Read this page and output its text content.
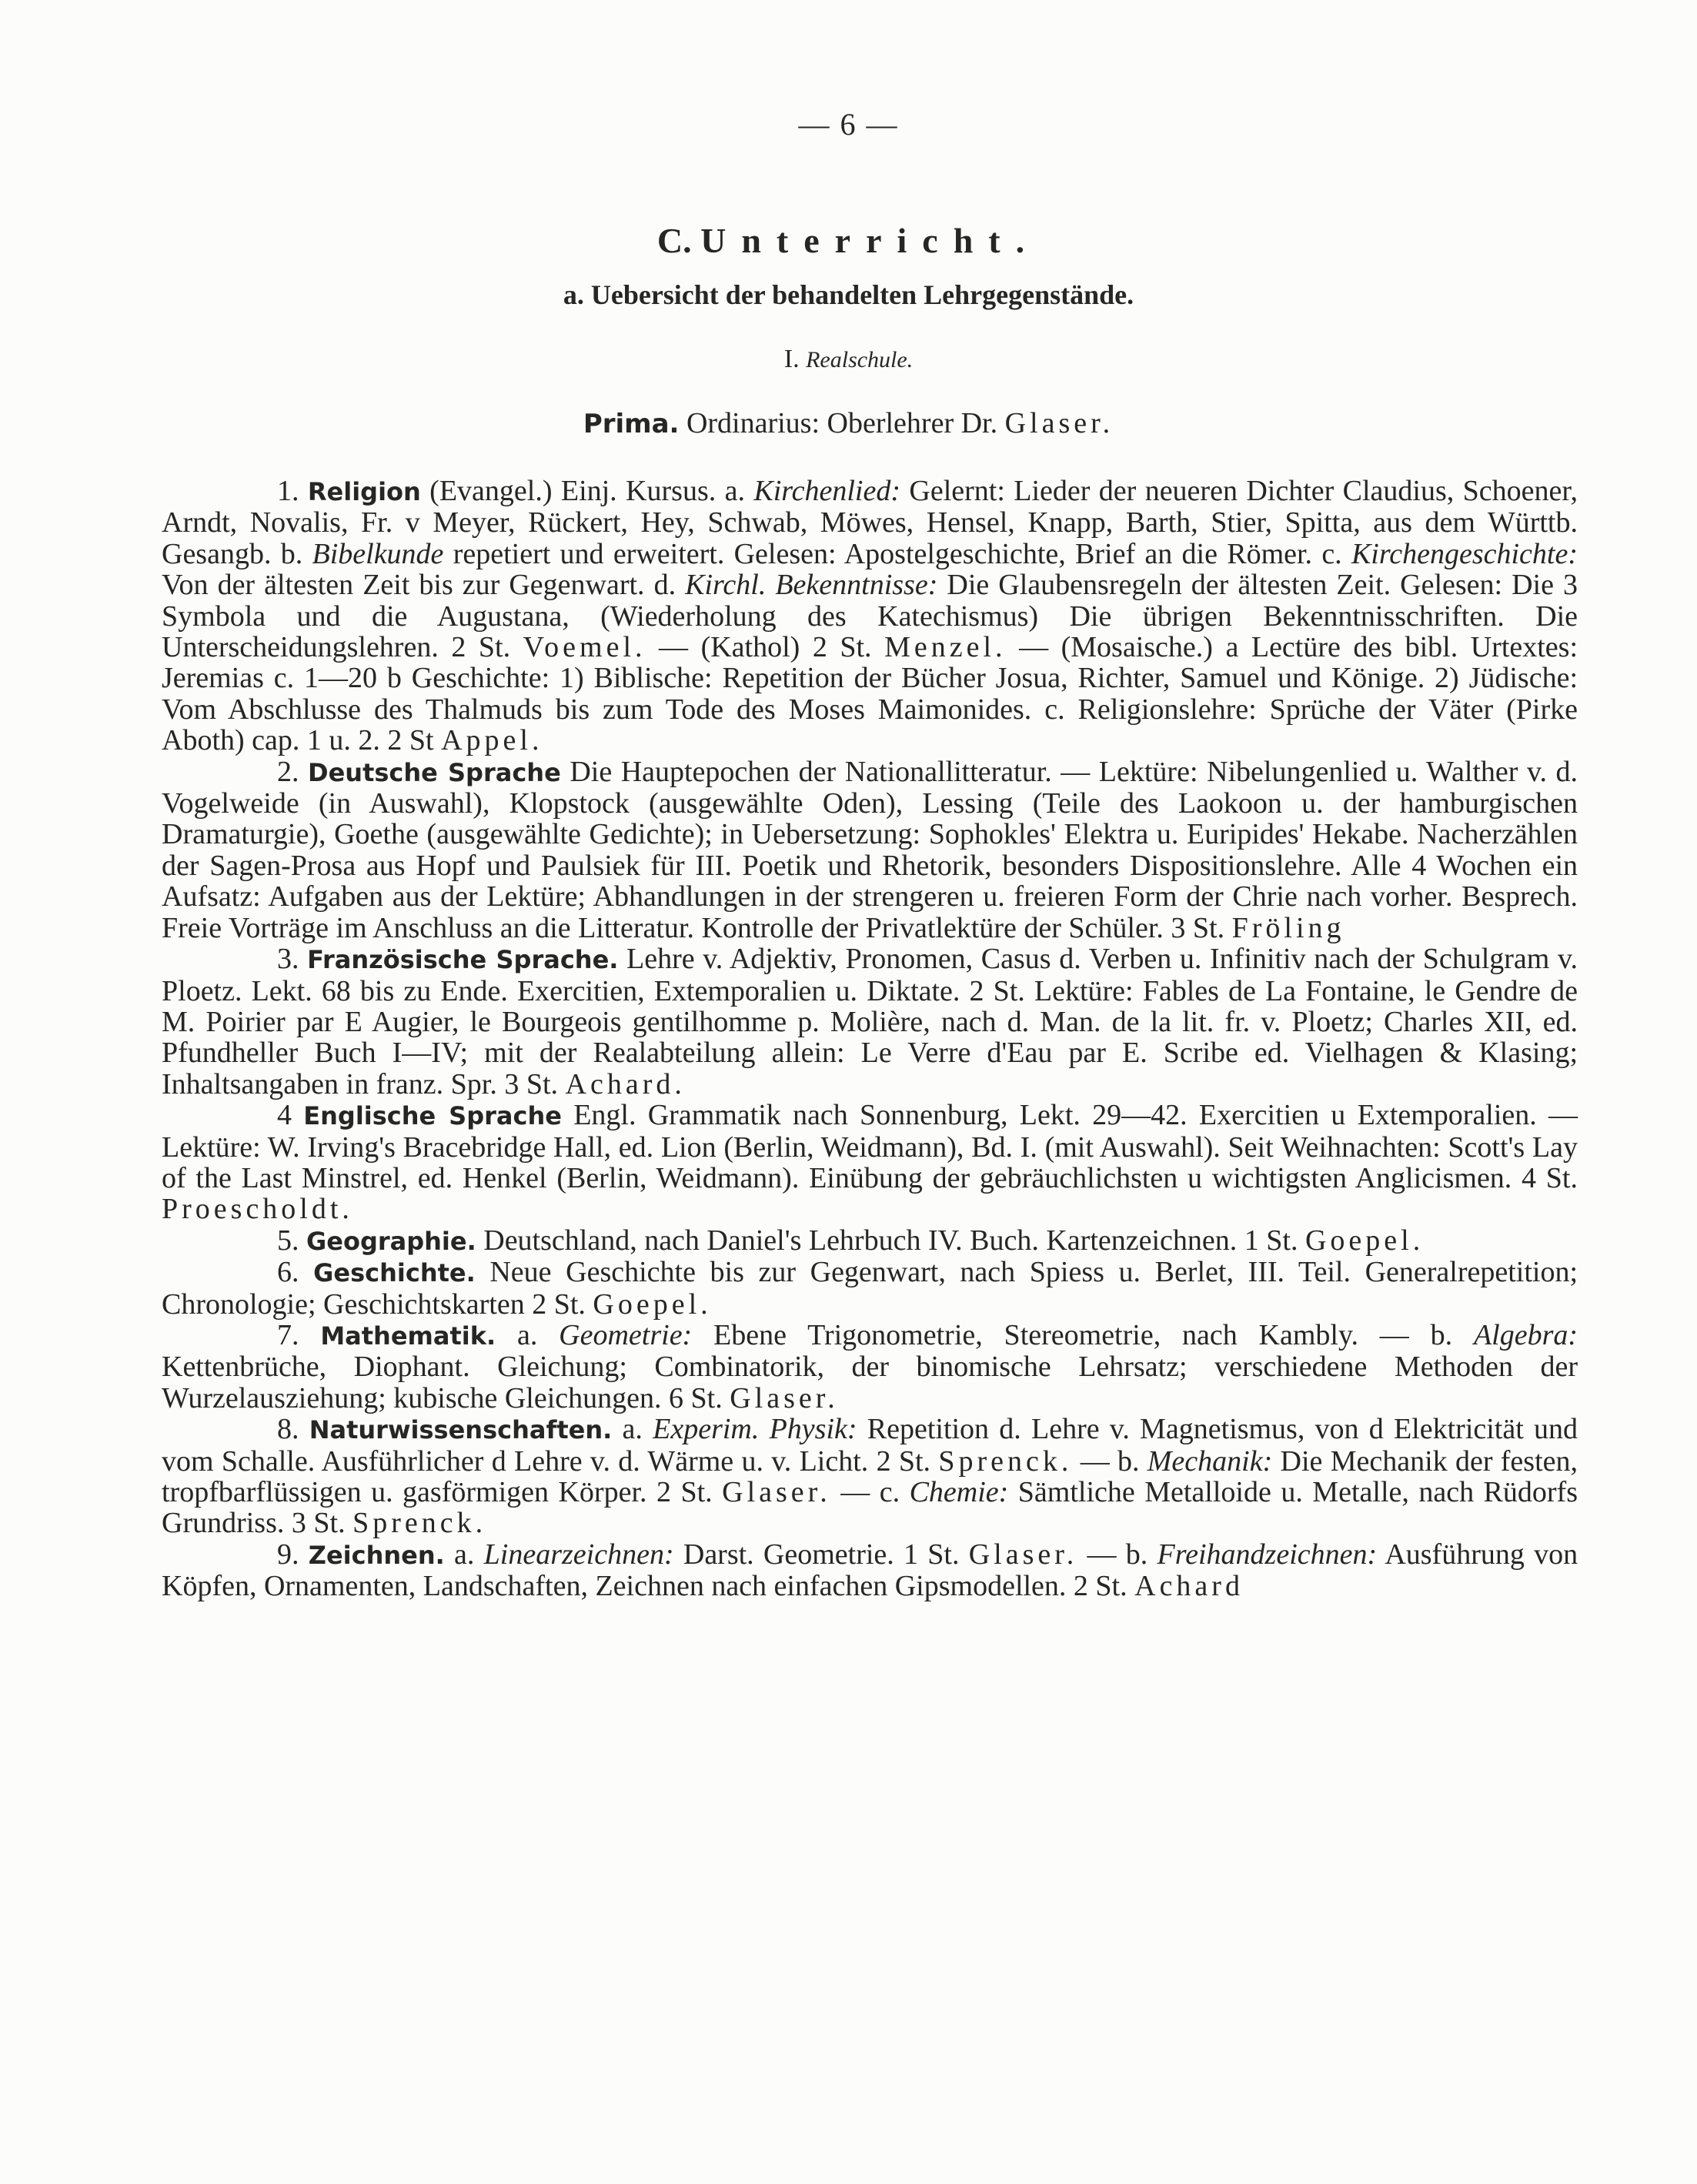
— 6 —
C. Unterricht.
a. Uebersicht der behandelten Lehrgegenstände.
I. Realschule.
Prima. Ordinarius: Oberlehrer Dr. Glaser.

1. Religion (Evangel.) Einj. Kursus. a. Kirchenlied: Gelernt: Lieder der neueren Dichter Claudius, Schoener, Arndt, Novalis, Fr. v Meyer, Rückert, Hey, Schwab, Möwes, Hensel, Knapp, Barth, Stier, Spitta, aus dem Württb. Gesangb. b. Bibelkunde repetiert und erweitert. Gelesen: Apostelgeschichte, Brief an die Römer. c. Kirchengeschichte: Von der ältesten Zeit bis zur Gegenwart. d. Kirchl. Bekenntnisse: Die Glaubensregeln der ältesten Zeit. Gelesen: Die 3 Symbola und die Augustana, (Wiederholung des Katechismus) Die übrigen Bekenntnisschriften. Die Unterscheidungslehren. 2 St. Voemel. — (Kathol) 2 St. Menzel. — (Mosaische.) a Lectüre des bibl. Urtextes: Jeremias c. 1—20 b Geschichte: 1) Biblische: Repetition der Bücher Josua, Richter, Samuel und Könige. 2) Jüdische: Vom Abschlusse des Thalmuds bis zum Tode des Moses Maimonides. c. Religionslehre: Sprüche der Väter (Pirke Aboth) cap. 1 u. 2. 2 St Appel.

2. Deutsche Sprache Die Hauptepochen der Nationallitteratur. — Lektüre: Nibelungenlied u. Walther v. d. Vogelweide (in Auswahl), Klopstock (ausgewählte Oden), Lessing (Teile des Laokoon u. der hamburgischen Dramaturgie), Goethe (ausgewählte Gedichte); in Uebersetzung: Sophokles' Elektra u. Euripides' Hekabe. Nacherzählen der Sagen-Prosa aus Hopf und Paulsiek für III. Poetik und Rhetorik, besonders Dispositionslehre. Alle 4 Wochen ein Aufsatz: Aufgaben aus der Lektüre; Abhandlungen in der strengeren u. freieren Form der Chrie nach vorher. Besprech. Freie Vorträge im Anschluss an die Litteratur. Kontrolle der Privatlektüre der Schüler. 3 St. Fröling

3. Französische Sprache. Lehre v. Adjektiv, Pronomen, Casus d. Verben u. Infinitiv nach der Schulgram v. Ploetz. Lekt. 68 bis zu Ende. Exercitien, Extemporalien u. Diktate. 2 St. Lektüre: Fables de La Fontaine, le Gendre de M. Poirier par E Augier, le Bourgeois gentilhomme p. Molière, nach d. Man. de la lit. fr. v. Ploetz; Charles XII, ed. Pfundheller Buch I—IV; mit der Realabteilung allein: Le Verre d'Eau par E. Scribe ed. Vielhagen & Klasing; Inhaltsangaben in franz. Spr. 3 St. Achard.

4 Englische Sprache Engl. Grammatik nach Sonnenburg, Lekt. 29—42. Exercitien u Extemporalien. — Lektüre: W. Irving's Bracebridge Hall, ed. Lion (Berlin, Weidmann), Bd. I. (mit Auswahl). Seit Weihnachten: Scott's Lay of the Last Minstrel, ed. Henkel (Berlin, Weidmann). Einübung der gebräuchlichsten u wichtigsten Anglicismen. 4 St. Proescholdt.

5. Geographie. Deutschland, nach Daniel's Lehrbuch IV. Buch. Kartenzeichnen. 1 St. Goepel.

6. Geschichte. Neue Geschichte bis zur Gegenwart, nach Spiess u. Berlet, III. Teil. Generalrepetition; Chronologie; Geschichtskarten 2 St. Goepel.

7. Mathematik. a. Geometrie: Ebene Trigonometrie, Stereometrie, nach Kambly. — b. Algebra: Kettenbrüche, Diophant. Gleichung; Combinatorik, der binomische Lehrsatz; verschiedene Methoden der Wurzelausziehung; kubische Gleichungen. 6 St. Glaser.

8. Naturwissenschaften. a. Experim. Physik: Repetition d. Lehre v. Magnetismus, von d Elektricität und vom Schalle. Ausführlicher d Lehre v. d. Wärme u. v. Licht. 2 St. Sprenck. — b. Mechanik: Die Mechanik der festen, tropfbarflüssigen u. gasförmigen Körper. 2 St. Glaser. — c. Chemie: Sämtliche Metalloide u. Metalle, nach Rüdorfs Grundriss. 3 St. Sprenck.

9. Zeichnen. a. Linearzeichnen: Darst. Geometrie. 1 St. Glaser. — b. Freihandzeichnen: Ausführung von Köpfen, Ornamenten, Landschaften, Zeichnen nach einfachen Gipsmodellen. 2 St. Achard
